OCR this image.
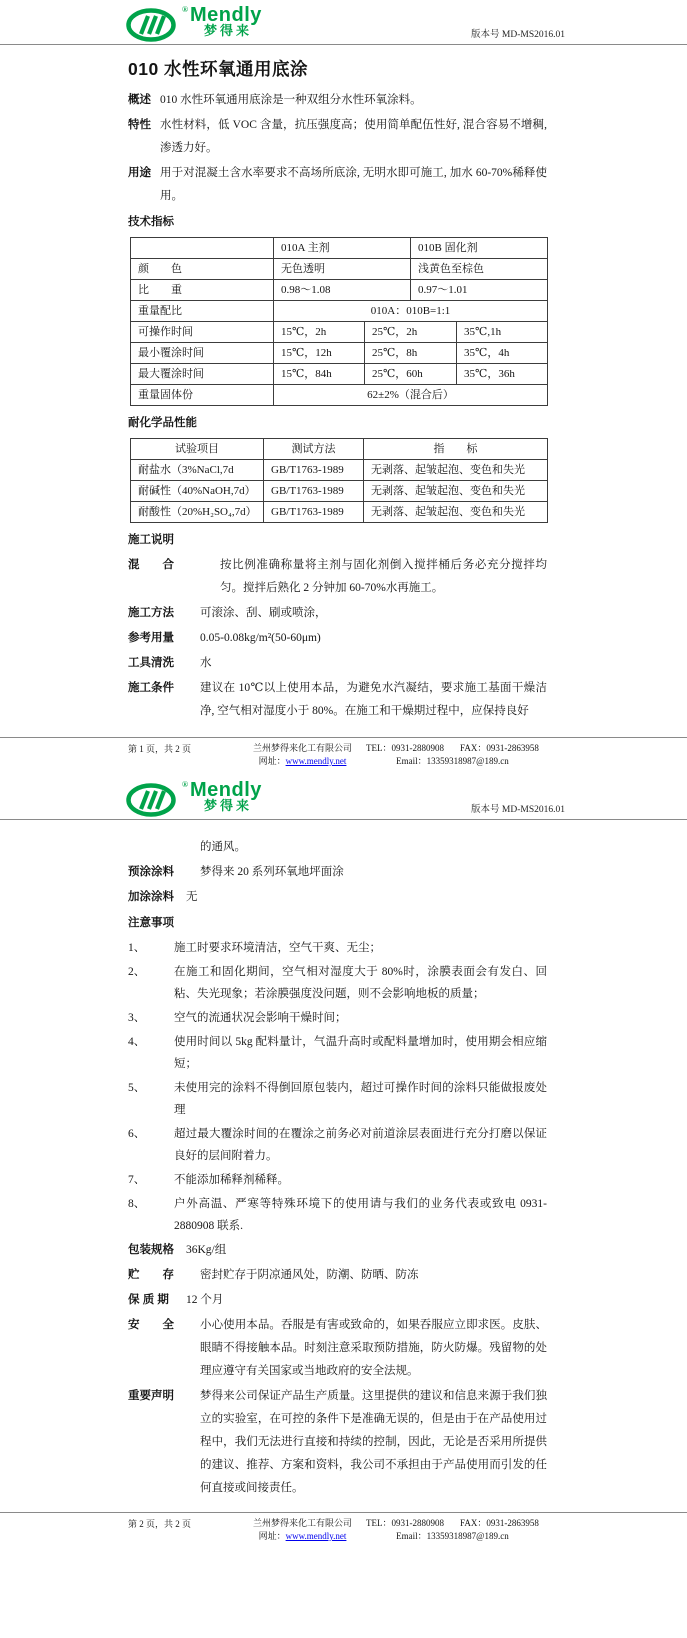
® Mendly
梦得来	版本号 MD-MS2016.01
010 水性环氧通用底涂
概述 010 水性环氧通用底涂是一种双组分水性环氧涂料。
特性 水性材料，低 VOC 含量，抗压强度高；使用简单配伍性好, 混合容易不增稠, 渗透力好。
用途 用于对混凝土含水率要求不高场所底涂, 无明水即可施工, 加水 60-70%稀释使用。
技术指标
	010A 主剂		010B 固化剂	
颜　　色	无色透明		浅黄色至棕色	
比　　重	0.98～1.08		0.97～1.01	
重量配比	010A：010B=1:1			
可操作时间	15℃，2h	25℃，2h		35℃,1h
最小覆涂时间	15℃，12h	25℃，8h		35℃，4h
最大覆涂时间	15℃，84h	25℃，60h		35℃，36h
重量固体份	62±2%（混合后）			
耐化学品性能
试验项目	测试方法	指　　标
耐盐水（3%NaCl,7d	GB/T1763-1989	无剥落、起皱起泡、变色和失光
耐碱性（40%NaOH,7d）	GB/T1763-1989	无剥落、起皱起泡、变色和失光
耐酸性（20%H₂SO₄,7d）	GB/T1763-1989	无剥落、起皱起泡、变色和失光
施工说明
混　　合	按比例准确称量将主剂与固化剂倒入搅拌桶后务必充分搅拌均匀。搅拌后熟化 2 分钟加 60-70%水再施工。
施工方法	可滚涂、刮、刷或喷涂，
参考用量	0.05-0.08kg/m²(50-60μm)
工具清洗	水
施工条件	建议在 10℃以上使用本品，为避免水汽凝结，要求施工基面干燥洁净, 空气相对湿度小于 80%。在施工和干燥期过程中，应保持良好
第 1 页，共 2 页	兰州梦得来化工有限公司
网址：www.mendly.net
TEL：0931-2880908 FAX：0931-2863958
Email：13359318987@189.cn
® Mendly
梦得来	版本号 MD-MS2016.01
的通风。
预涂涂料	梦得来 20 系列环氧地坪面涂
加涂涂料	无
注意事项
1、	施工时要求环境清洁，空气干爽、无尘；
2、	在施工和固化期间，空气相对湿度大于 80%时，涂膜表面会有发白、回粘、失光现象；若涂膜强度没问题，则不会影响地板的质量；
3、	空气的流通状况会影响干燥时间；
4、	使用时间以 5kg 配料量计，气温升高时或配料量增加时，使用期会相应缩短；
5、	未使用完的涂料不得倒回原包装内，超过可操作时间的涂料只能做报废处理
6、	超过最大覆涂时间的在覆涂之前务必对前道涂层表面进行充分打磨以保证良好的层间附着力。
7、	不能添加稀释剂稀释。
8、	户外高温、严寒等特殊环境下的使用请与我们的业务代表或致电 0931-2880908 联系.
包装规格	36Kg/组
贮　　存	密封贮存于阴凉通风处，防潮、防晒、防冻
保 质 期	12 个月
安　　全	小心使用本品。吞服是有害或致命的，如果吞服应立即求医。皮肤、眼睛不得接触本品。时刻注意采取预防措施，防火防爆。残留物的处理应遵守有关国家或当地政府的安全法规。
重要声明	梦得来公司保证产品生产质量。这里提供的建议和信息来源于我们独立的实验室，在可控的条件下是准确无误的，但是由于在产品使用过程中，我们无法进行直接和持续的控制，因此，无论是否采用所提供的建议、推荐、方案和资料，我公司不承担由于产品使用而引发的任何直接或间接责任。
第 2 页，共 2 页	兰州梦得来化工有限公司
网址：www.mendly.net
TEL：0931-2880908 FAX：0931-2863958
Email：13359318987@189.cn
